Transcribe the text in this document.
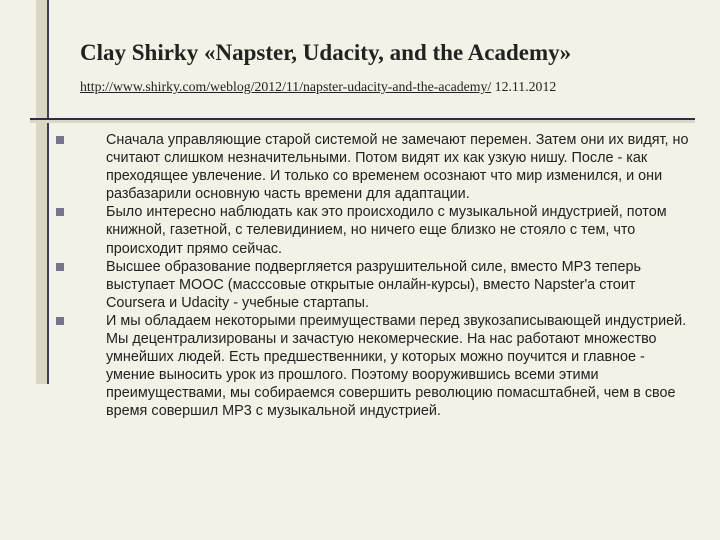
Clay Shirky «Napster, Udacity, and the Academy»
http://www.shirky.com/weblog/2012/11/napster-udacity-and-the-academy/ 12.11.2012
Сначала управляющие старой системой не замечают перемен. Затем они их видят, но считают слишком незначительными. Потом видят их как узкую нишу. После - как преходящее увлечение. И только со временем осознают что мир изменился, и они разбазарили основную часть времени для адаптации.
Было интересно наблюдать как это происходило с музыкальной индустрией, потом книжной, газетной, с телевидинием, но ничего еще близко не стояло с тем, что происходит прямо сейчас.
Высшее образование подвергляется разрушительной силе, вместо MP3 теперь выступает MOOC (масссовые открытые онлайн-курсы), вместо Napster'а стоит Coursera и Udacity - учебные стартапы.
И мы обладаем некоторыми преимуществами перед звукозаписывающей индустрией. Мы децентрализированы и зачастую некомерческие. На нас работают множество умнейших людей. Есть предшественники, у которых можно поучится и главное - умение выносить урок из прошлого. Поэтому вооружившись всеми этими преимуществами, мы собираемся совершить революцию помасштабней, чем в свое время совершил MP3 с музыкальной индустрией.
